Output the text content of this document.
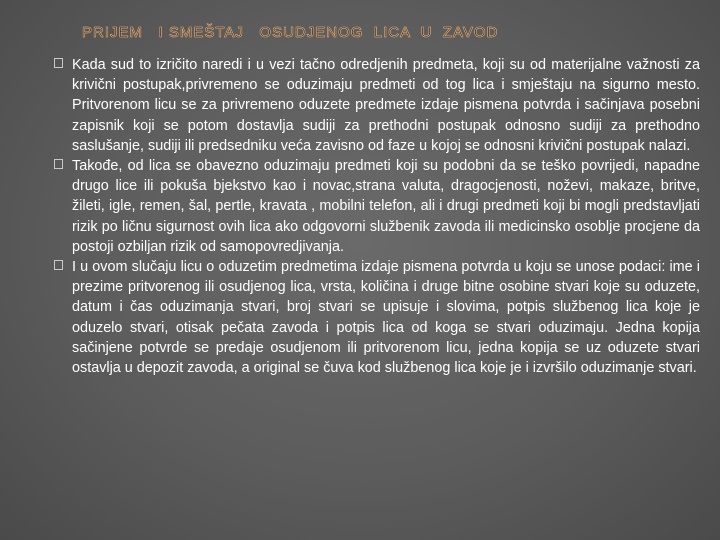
PRIJEM   I SMEŠTAJ   OSUDJENOG  LICA  U  ZAVOD

Kada sud to izričito naredi i u vezi tačno odredjenih predmeta, koji su od materijalne važnosti za krivični postupak,privremeno se oduzimaju predmeti od tog lica i smještaju na sigurno mesto. Pritvorenom licu se za privremeno oduzete predmete izdaje pismena potvrda i sačinjava posebni zapisnik koji se potom dostavlja sudiji za prethodni postupak odnosno sudiji za prethodno saslušanje, sudiji ili predsedniku veća zavisno od faze u kojoj se odnosni krivični postupak nalazi.

Takođe, od lica se obavezno oduzimaju predmeti koji su podobni da se teško povrijedi, napadne drugo lice ili pokuša bjekstvo kao i novac,strana valuta, dragocjenosti, noževi, makaze, britve, žileti, igle, remen, šal, pertle, kravata , mobilni telefon, ali i drugi predmeti koji bi mogli predstavljati rizik po ličnu sigurnost ovih lica ako odgovorni službenik zavoda ili medicinsko osoblje procjene da postoji ozbiljan rizik od samopovredjivanja.

I u ovom slučaju licu o oduzetim predmetima izdaje pismena potvrda u koju se unose podaci: ime i prezime pritvorenog ili osudjenog lica, vrsta, količina i druge bitne osobine stvari koje su oduzete, datum i čas oduzimanja stvari, broj stvari se upisuje i slovima, potpis službenog lica koje je oduzelo stvari, otisak pečata zavoda i potpis lica od koga se stvari oduzimaju. Jedna kopija sačinjene potvrde se predaje osudjenom ili pritvorenom licu, jedna kopija se uz oduzete stvari ostavlja u depozit zavoda, a original se čuva kod službenog lica koje je i izvršilo oduzimanje stvari.
